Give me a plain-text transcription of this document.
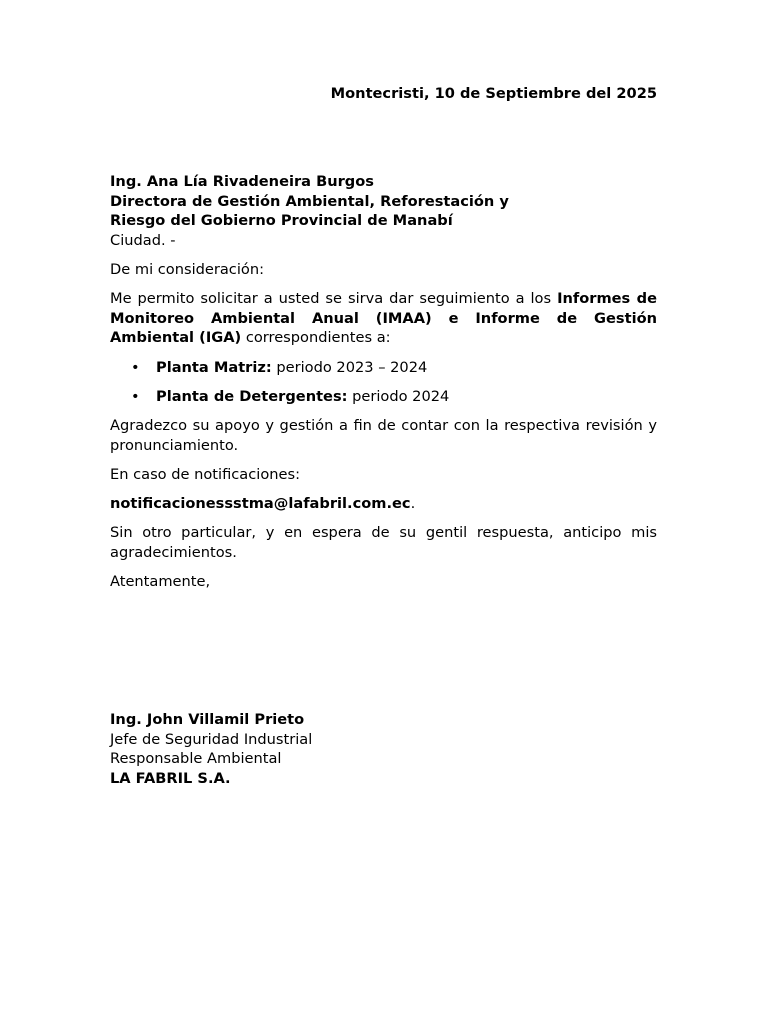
Montecristi, 10 de Septiembre del 2025
Ing. Ana Lía Rivadeneira Burgos
Directora de Gestión Ambiental, Reforestación y
Riesgo del Gobierno Provincial de Manabí
Ciudad. -

De mi consideración:

Me permito solicitar a usted se sirva dar seguimiento a los Informes de Monitoreo Ambiental Anual (IMAA) e Informe de Gestión Ambiental (IGA) correspondientes a:

• Planta Matriz: periodo 2023 – 2024
• Planta de Detergentes: periodo 2024

Agradezco su apoyo y gestión a fin de contar con la respectiva revisión y pronunciamiento.

En caso de notificaciones:

notificacionessstma@lafabril.com.ec.

Sin otro particular, y en espera de su gentil respuesta, anticipo mis agradecimientos.

Atentamente,

Ing. John Villamil Prieto
Jefe de Seguridad Industrial
Responsable Ambiental
LA FABRIL S.A.
